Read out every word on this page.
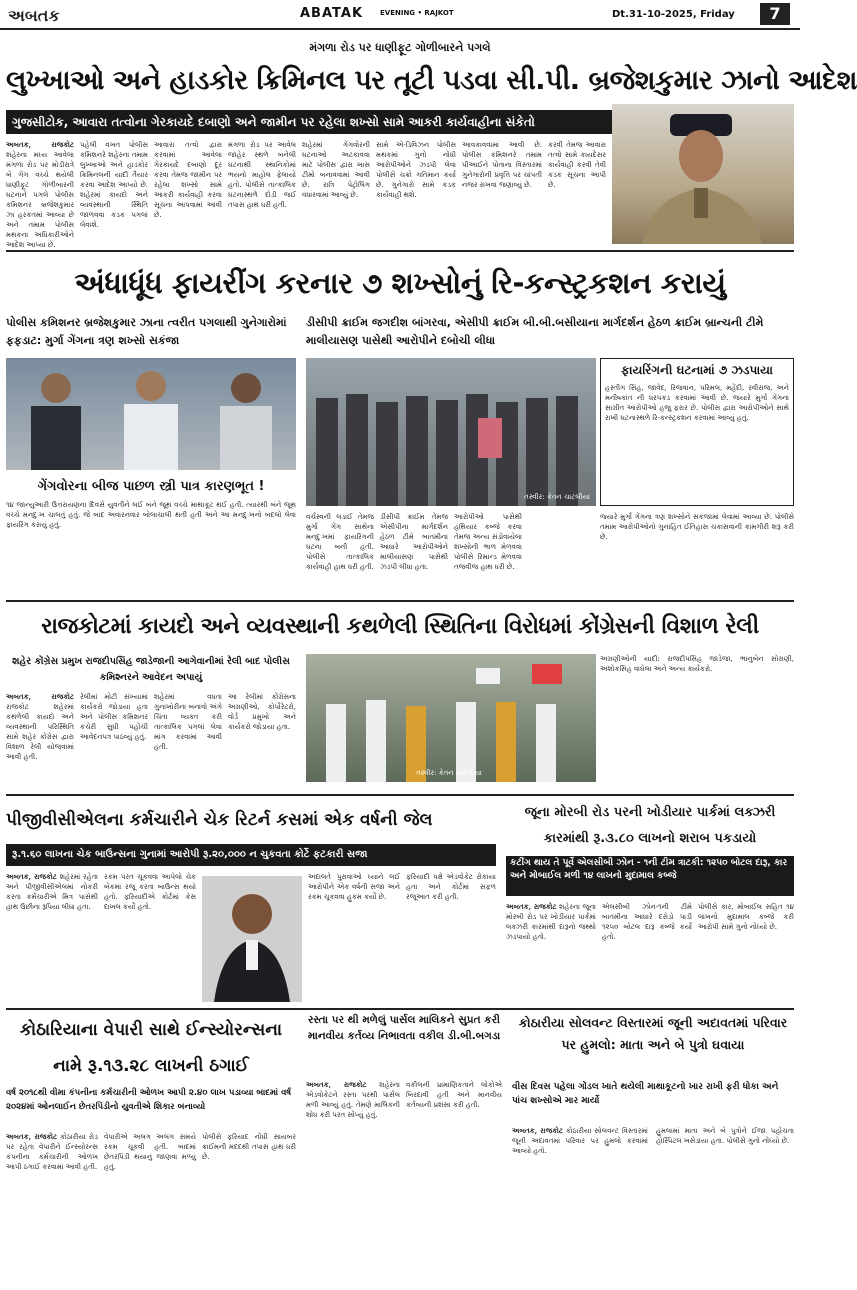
અબતક	ABATAK EVENING • RAJKOT	Dt.31-10-2025, Friday	7
મંગળા રોડ પર ધાણીફૂટ ગોળીબારને પગલે
લુખ્ખાઓ અને હાડકોર ક્રિમિનલ પર તૂટી પડવા સી.પી. બ્રજેશકુમાર ઝાનો આદેશ
ગુજસીટોક, આવારા તત્વોના ગેરકાયદે દબાણો અને જામીન પર રહેલા શખ્સો સામે આકરી કાર્યવાહીના સંકેતો
અબતક, રાજકોટ શહેરના મધ્ય આવેલા મંગળા રોડ પર મોડીરાત્રે બે ગેંગ વચ્ચે થયેલી ધાણીફૂટ ગોળીબારની ઘટનાને પગલે પોલીસ કમિશનર બ્રજેશકુમાર ઝા હરકતમાં આવ્યા છે અને તમામ પોલીસ મથકના અધિકારીઓને આદેશ આપ્યા છે.
પહેલી વખત પોલીસ કમિશનરે શહેરના તમામ લુખ્ખાઓ અને હાડકોર ક્રિમિનલની યાદી તૈયાર કરવા આદેશ આપ્યો છે. શહેરમાં કાયદો અને વ્યવસ્થાની સ્થિતિ જાળવવા કડક પગલાં લેવાશે.
આવારા તત્વો દ્વારા કરવામાં આવેલા ગેરકાયદે દબાણો દૂર કરવા તેમજ જામીન પર રહેલા શખ્સો સામે આકરી કાર્યવાહી કરવા સૂચના આપવામાં આવી છે.
મંગળા રોડ પર આવેલ જાહેર સ્થળે બનેલી ઘટનાથી સ્થાનિકોમાં ભયનો માહોલ ફેલાયો હતો. પોલીસે તાત્કાલિક ઘટનાસ્થળે દોડી જઈ તપાસ હાથ ધરી હતી.
શહેરમાં ગેંગવોરની ઘટનાઓ અટકાવવા માટે પોલીસ દ્વારા ખાસ ટીમો બનાવવામાં આવી છે. રાત્રિ પેટ્રોલિંગ વધારવામાં આવ્યું છે.
સામે એ-ડિવિઝન પોલીસ મથકમાં ગુનો નોંધી આરોપીઓને ઝડપી લેવા પોલીસે ચક્રો ગતિમાન કર્યા છે. ગુનેગારો સામે કડક કાર્યવાહી થશે.
આવકાવવામાં આવી છે. પોલીસ કમિશનરે તમામ પીઆઈને પોતાના વિસ્તારમાં ગુનેગારોની પ્રવૃત્તિ પર ચાંપતી નજર રાખવા જણાવ્યું છે.
કરવી તેમજ આવારા તત્વો સામે કાયદેસર કાર્યવાહી કરવી તેવી કડક સૂચના આપી છે.
અંધાધૂંધ ફાયરીંગ કરનાર ૭ શખ્સોનું રિ-કન્સ્ટ્રકશન કરાયું
પોલીસ કમિશનર બ્રજેશકુમાર ઝાના ત્વરીત પગલાથી ગુનેગારોમાં ફફડાટ: મુર્ગા ગેંગના ત્રણ શખ્સો સકંજા
ડીસીપી ક્રાઈમ જગદીશ બાંગરવા, એસીપી ક્રાઈમ બી.બી.બસીયાના માર્ગદર્શન હેઠળ ક્રાઈમ બ્રાન્ચની ટીમે માલીયાસણ પાસેથી આરોપીને દબોચી લીધા
ગેંગવોરના બીજ પાછળ સ્ત્રી પાત્ર કારણભૂત !
૧૪ જાન્યુઆરી ઉત્તરાયણના દિવસે યુવતીને લઈ બંને જૂથ વચ્ચે માથાકૂટ થઈ હતી. ત્યારથી બંને જૂથ વચ્ચે મનદુઃખ ચાલતું હતું. જે બાદ અવારનવાર બોલાચાલી થતી હતી અને આ મનદુઃખનો બદલો લેવા ફાયરિંગ કરાયું હતું.
તસ્વીર: કેતન ચાટલીયા
ફાયરિંગની ઘટનામાં ૭ ઝડપાયા
હસ્તીગ સિંહ, જાવેદ, રિજવાન, પરિમલ, મહેંદી, રવીરાજ, અને મનીષકાંત ની ધરપકડ કરવામાં આવી છે. જયારે મુર્ગા ગેંગના સાગ્રીત આરોપીઓ હજુ ફરાર છે. પોલીસ દ્વારા આરોપીઓને સાથે રાખી ઘટનાસ્થળે રિ-કન્સ્ટ્રકશન કરવામાં આવ્યું હતું.
વર્ચસ્વની લડાઈ તેમજ મુર્ગા ગેંગ સાથેના મનદુઃખમાં ફાયરિંગની ઘટના બની હતી. પોલીસે તાત્કાલિક કાર્યવાહી હાથ ધરી હતી.
ડીસીપી ક્રાઈમ તેમજ એસીપીના માર્ગદર્શન હેઠળ ટીમે બાતમીના આધારે આરોપીઓને માલીયાસણ પાસેથી ઝડપી લીધા હતા.
આરોપીઓ પાસેથી હથિયાર કબ્જે કરવા તેમજ અન્ય સંડોવાયેલા શખ્સોની ભાળ મેળવવા પોલીસે રિમાન્ડ મેળવવા તજવીજ હાથ ધરી છે.
જ્યારે મુર્ગા ગેંગના ત્રણ શખ્સોને સકંજામાં લેવામાં આવ્યા છે. પોલીસે તમામ આરોપીઓનો ગુનાહિત ઈતિહાસ ચકાસવાની કામગીરી શરૂ કરી છે.
રાજકોટમાં કાયદો અને વ્યવસ્થાની કથળેલી સ્થિતિના વિરોધમાં કોંગ્રેસની વિશાળ રેલી
શહેર કોંગ્રેસ પ્રમુખ રાજદીપસિંહ જાડેજાની આગેવાનીમાં રેલી બાદ પોલીસ કમિશ્નરને આવેદન અપાયું
અબતક, રાજકોટ રાજકોટ શહેરમાં કથળેલી કાયદો અને વ્યવસ્થાની પરિસ્થિતિ સામે શહેર કોંગ્રેસ દ્વારા વિશાળ રેલી યોજવામાં આવી હતી.
રેલીમાં મોટી સંખ્યામાં કાર્યકરો જોડાયા હતા અને પોલીસ કમિશનર કચેરી સુધી પહોંચી આવેદનપત્ર પાઠવ્યું હતું.
શહેરમાં વધતા ગુનાખોરીના બનાવો અંગે ચિંતા વ્યક્ત કરી તાત્કાલિક પગલાં લેવા માંગ કરવામાં આવી હતી.
આ રેલીમાં કોંગ્રેસના અગ્રણીઓ, કોર્પોરેટરો, વોર્ડ પ્રમુખો અને કાર્યકરો જોડાયા હતા.
તસ્વીર: કેતન ચાટલીયા
અગ્રણીઓની યાદી: રાજદીપસિંહ જાડેજા, ભાનુબેન સોરાણી, અશોકસિંહ વાઘેલા અને અન્ય કાર્યકરો.
પીજીવીસીએલના કર્મચારીને ચેક રિટર્ન કસમાં એક વર્ષની જેલ
રૂ.૧.૬૦ લાખના ચેક બાઉન્સના ગુનામાં આરોપી રૂ.૨૦,૦૦૦ ન ચુકવતા કોર્ટે ફટકારી સજા
અબતક, રાજકોટ શહેરમાં રહેતા અને પીજીવીસીએલમાં નોકરી કરતા કર્મચારીએ મિત્ર પાસેથી હાથ ઉછીના રૂપિયા લીધા હતા.
રકમ પરત ચૂકવવા આપેલો ચેક બેંકમાં રજૂ કરતા બાઉન્સ થયો હતો. ફરિયાદીએ કોર્ટમાં કેસ દાખલ કર્યો હતો.
અદાલતે પુરાવાઓ ધ્યાને લઈ આરોપીને એક વર્ષની સજા અને રકમ ચૂકવવા હુકમ કર્યો છે.
ફરિયાદી પક્ષે એડવોકેટ રોકાયા હતા અને કોર્ટમાં સફળ રજૂઆત કરી હતી.
જૂના મોરબી રોડ પરની ખોડીયાર પાર્કમાં લક્ઝરી કારમાંથી રૂ.૩.૮૦ લાખનો શરાબ પકડાયો
કટીંગ થાય તે પૂર્વે એલસીબી ઝોન - ૧ની ટીમ ત્રાટકી: ૧૨૫૦ બોટલ દારૂ, કાર અને મોબાઈલ મળી ૧૪ લાખનો મુદામાલ કબ્જે
અબતક, રાજકોટ શહેરના જૂના મોરબી રોડ પર ખોડીયાર પાર્કમાં લક્ઝરી કારમાંથી દારૂનો જથ્થો ઝડપાયો હતો.
એલસીબી ઝોન-૧ની ટીમે બાતમીના આધારે દરોડો પાડી ૧૨૫૦ બોટલ દારૂ કબ્જે કર્યો હતો.
પોલીસે કાર, મોબાઈલ સહિત ૧૪ લાખનો મુદામાલ કબ્જે કરી આરોપી સામે ગુનો નોંધ્યો છે.
કોઠારિયાના વેપારી સાથે ઈન્સ્યોરન્સના નામે રૂ.૧૩.૨૮ લાખની ઠગાઈ
વર્ષ ૨૦૧૮થી વીમા કંપનીના કર્મચારીની ઓળખ આપી ૨.૪૦ લાખ પડાવ્યા બાદમાં વર્ષ ૨૦૨૪માં ઓનલાઈન છેતરપિંડીનો યુવતીએ શિકાર બનાવ્યો
અબતક, રાજકોટ કોઠારીયા રોડ પર રહેતા વેપારીને ઈન્સ્યોરન્સ કંપનીના કર્મચારીની ઓળખ આપી ઠગાઈ કરવામાં આવી હતી.
વેપારીએ અલગ અલગ સમયે રકમ ચૂકવી હતી. બાદમાં છેતરપિંડી થયાનું જાણવા મળ્યું હતું.
પોલીસે ફરિયાદ નોંધી સાયબર ક્રાઈમની મદદથી તપાસ હાથ ધરી છે.
રસ્તા પર થી મળેલું પાર્સલ માલિકને સુપ્રત કરી માનવીય કર્તવ્ય નિભાવતા વકીલ ડી.બી.બગડા
અબતક, રાજકોટ શહેરના એડવોકેટને રસ્તા પરથી પાર્સલ મળી આવ્યું હતું. તેમણે માલિકની શોધ કરી પરત સોંપ્યું હતું.
વકીલની પ્રામાણિકતાને લોકોએ બિરદાવી હતી અને માનવીય કર્તવ્યની પ્રશંસા કરી હતી.
કોઠારીયા સોલવન્ટ વિસ્તારમાં જૂની અદાવતમાં પરિવાર પર હુમલો: માતા અને બે પુત્રો ઘવાયા
વીસ દિવસ પહેલા ગોંડલ ખાતે થયેલી માથાકૂટનો ખાર રાખી ફરી ધોકા અને પાંચ શખ્સોએ માર માર્યો
અબતક, રાજકોટ કોઠારીયા સોલવન્ટ વિસ્તારમાં જૂની અદાવતમાં પરિવાર પર હુમલો કરવામાં આવ્યો હતો.
હુમલામાં માતા અને બે પુત્રોને ઈજા પહોંચતા હોસ્પિટલ ખસેડાયા હતા. પોલીસે ગુનો નોંધ્યો છે.
